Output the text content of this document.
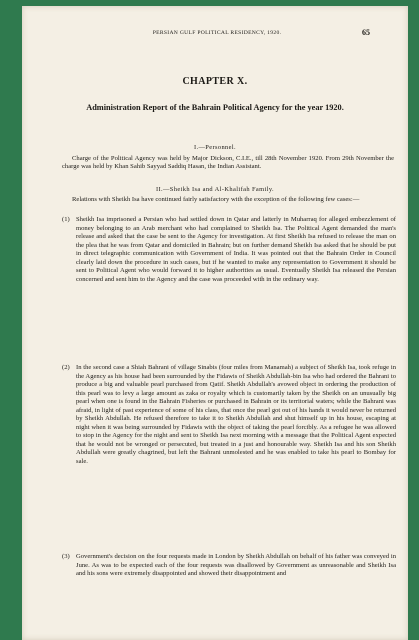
PERSIAN GULF POLITICAL RESIDENCY, 1920.	65
CHAPTER X.
Administration Report of the Bahrain Political Agency for the year 1920.
I.—Personnel.
Charge of the Political Agency was held by Major Dickson, C.I.E., till 28th November 1920. From 29th November the charge was held by Khan Sahib Sayyad Saddiq Hasan, the Indian Assistant.
II.—Sheikh Isa and Al-Khalifah Family.
Relations with Sheikh Isa have continued fairly satisfactory with the exception of the following few cases:—
(1) Sheikh Isa imprisoned a Persian who had settled down in Qatar and latterly in Muharraq for alleged embezzlement of money belonging to an Arab merchant who had complained to Sheikh Isa. The Political Agent demanded the man's release and asked that the case be sent to the Agency for investigation. At first Sheikh Isa refused to release the man on the plea that he was from Qatar and domiciled in Bahrain; but on further demand Sheikh Isa asked that he should be put in direct telegraphic communication with Government of India. It was pointed out that the Bahrain Order in Council clearly laid down the procedure in such cases, but if he wanted to make any representation to Government it should be sent to Political Agent who would forward it to higher authorities as usual. Eventually Sheikh Isa released the Persian concerned and sent him to the Agency and the case was proceeded with in the ordinary way.
(2) In the second case a Shiah Bahrani of village Sinabis (four miles from Manamah) a subject of Sheikh Isa, took refuge in the Agency as his house had been surrounded by the Fidawis of Sheikh Abdullah-bin Isa who had ordered the Bahrani to produce a big and valuable pearl purchased from Qatif. Sheikh Abdullah's avowed object in ordering the production of this pearl was to levy a large amount as zaka or royalty which is customarily taken by the Sheikh on an unusually big pearl when one is found in the Bahrain Fisheries or purchased in Bahrain or its territorial waters; while the Bahrani was afraid, in light of past experience of some of his class, that once the pearl got out of his hands it would never be returned by Sheikh Abdullah. He refused therefore to take it to Sheikh Abdullah and shut himself up in his house, escaping at night when it was being surrounded by Fidawis with the object of taking the pearl forcibly. As a refugee he was allowed to stop in the Agency for the night and sent to Sheikh Isa next morning with a message that the Political Agent expected that he would not be wronged or persecuted, but treated in a just and honourable way. Sheikh Isa and his son Sheikh Abdullah were greatly chagrined, but left the Bahrani unmolested and he was enabled to take his pearl to Bombay for sale.
(3) Government's decision on the four requests made in London by Sheikh Abdullah on behalf of his father was conveyed in June. As was to be expected each of the four requests was disallowed by Government as unreasonable and Sheikh Isa and his sons were extremely disappointed and showed their disappointment and
